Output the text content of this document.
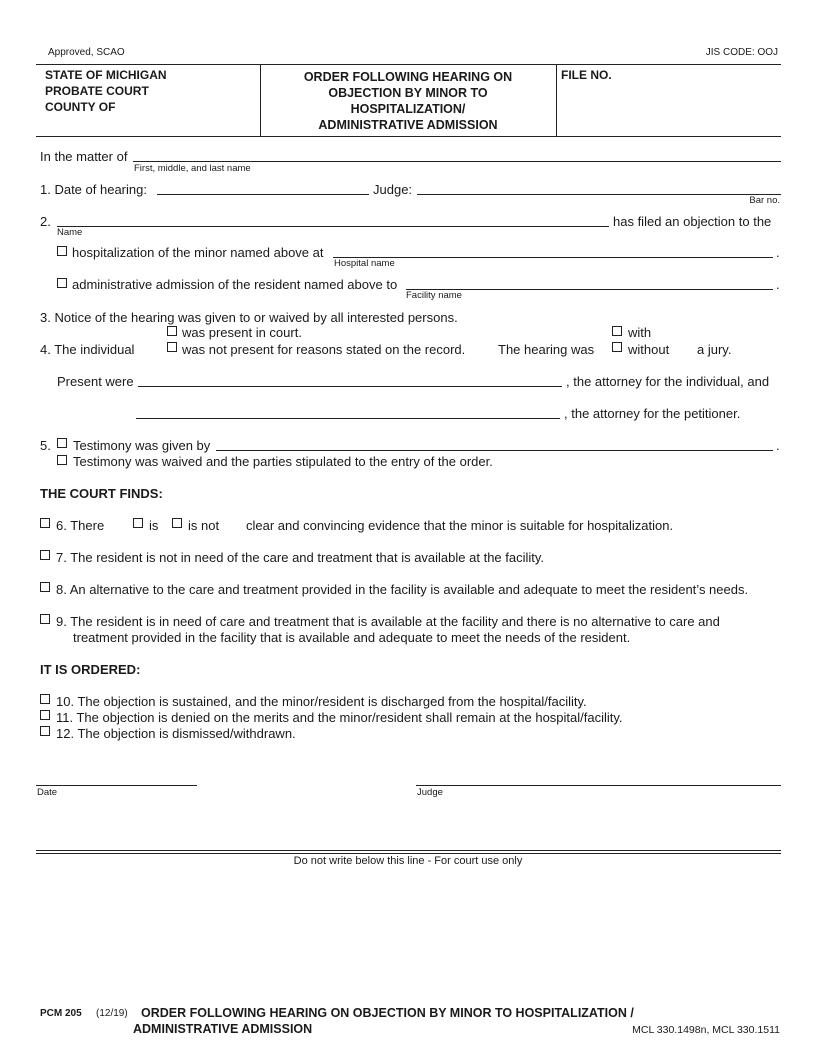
Approved, SCAO	JIS CODE: OOJ
STATE OF MICHIGAN
PROBATE COURT
COUNTY OF
ORDER FOLLOWING HEARING ON
OBJECTION BY MINOR TO
HOSPITALIZATION/
ADMINISTRATIVE ADMISSION
FILE NO.
In the matter of
First, middle, and last name
1. Date of hearing:	Judge:
Bar no.
2.
Name
has filed an objection to the
hospitalization of the minor named above at
Hospital name
.
administrative admission of the resident named above to
Facility name
.
3. Notice of the hearing was given to or waived by all interested persons.
was present in court.
4. The individual	was not present for reasons stated on the record.	The hearing was
with
without a jury.
Present were	, the attorney for the individual, and
, the attorney for the petitioner.
5. Testimony was given by	.
Testimony was waived and the parties stipulated to the entry of the order.
THE COURT FINDS:
6. There	is is not clear and convincing evidence that the minor is suitable for hospitalization.
7. The resident is not in need of the care and treatment that is available at the facility.
8. An alternative to the care and treatment provided in the facility is available and adequate to meet the resident’s needs.
9. The resident is in need of care and treatment that is available at the facility and there is no alternative to care and
treatment provided in the facility that is available and adequate to meet the needs of the resident.
IT IS ORDERED:
10. The objection is sustained, and the minor/resident is discharged from the hospital/facility.
11. The objection is denied on the merits and the minor/resident shall remain at the hospital/facility.
12. The objection is dismissed/withdrawn.
Date	Judge
Do not write below this line - For court use only
PCM 205 (12/19) ORDER FOLLOWING HEARING ON OBJECTION BY MINOR TO HOSPITALIZATION /
ADMINISTRATIVE ADMISSION	MCL 330.1498n, MCL 330.1511
